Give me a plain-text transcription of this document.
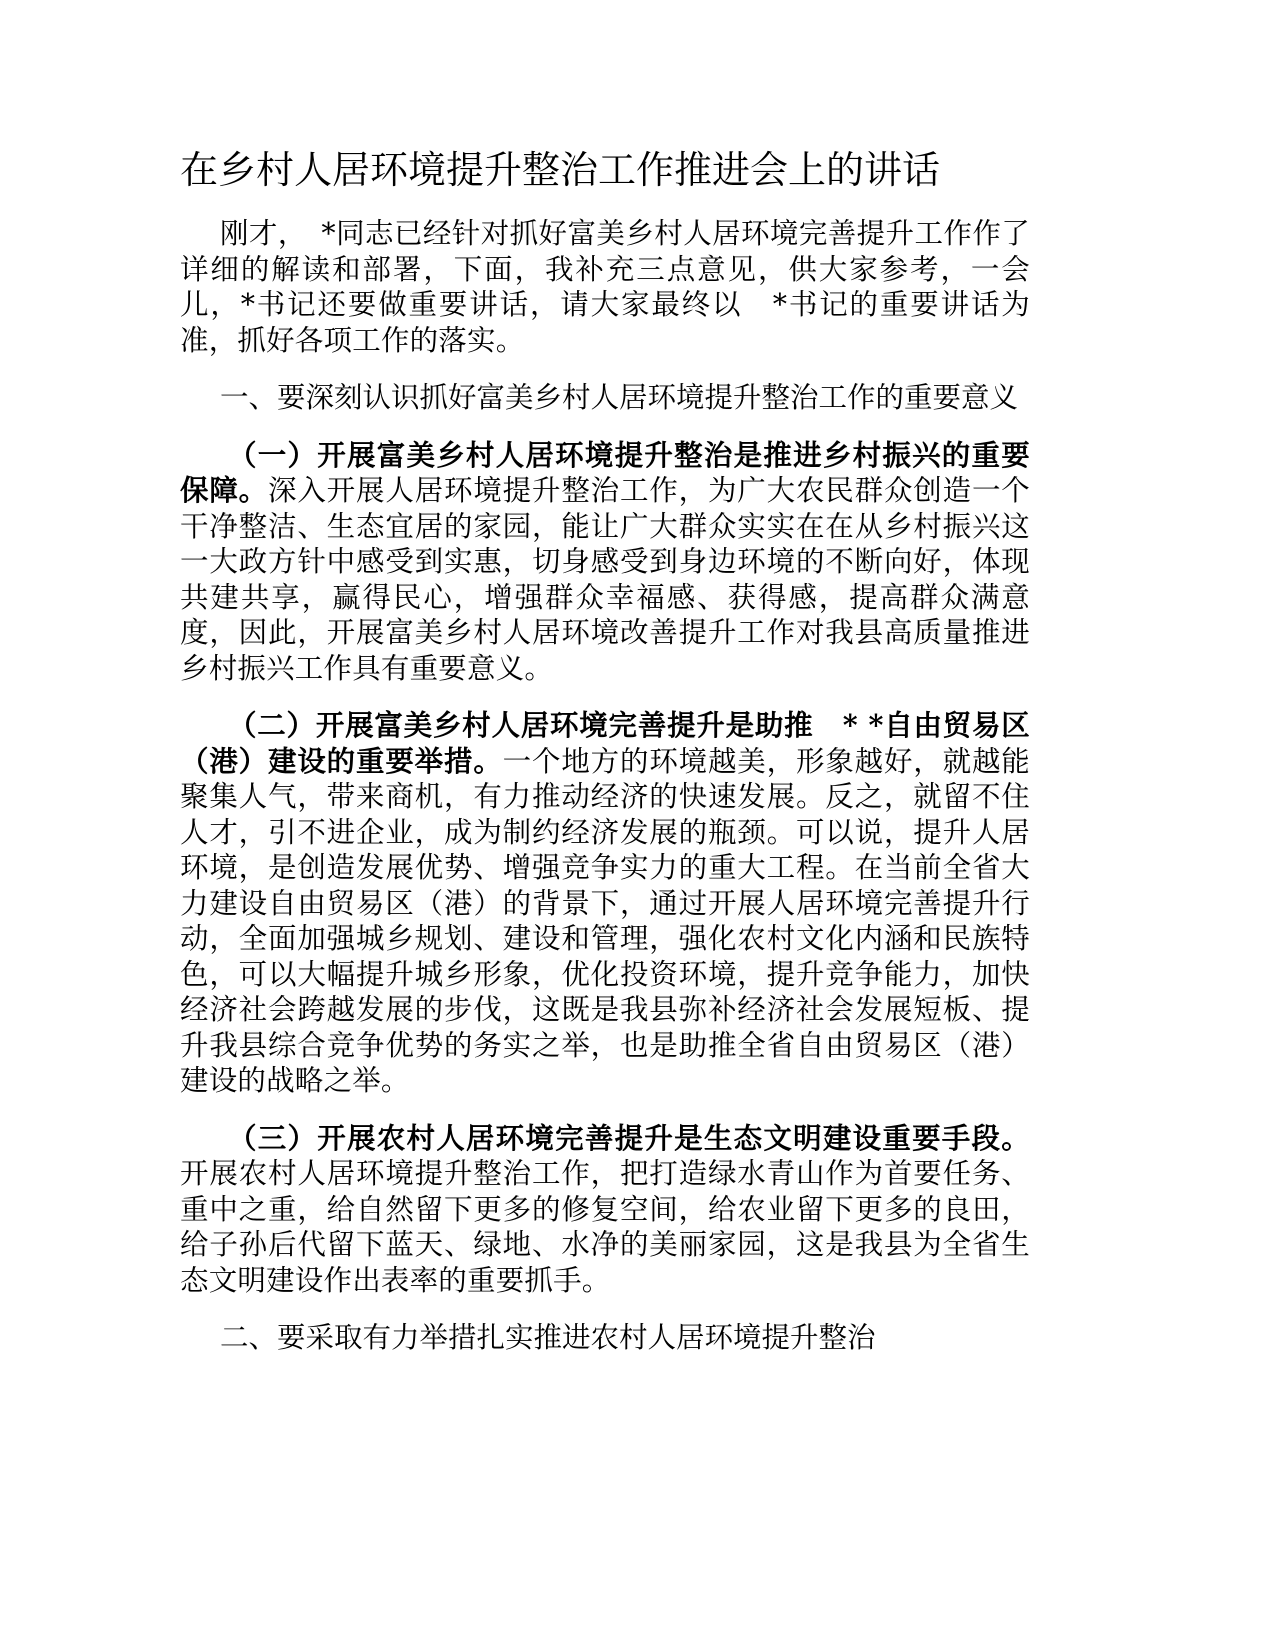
在乡村人居环境提升整治工作推进会上的讲话

刚才，　*同志已经针对抓好富美乡村人居环境完善提升工作作了详细的解读和部署，下面，我补充三点意见，供大家参考，一会儿，*书记还要做重要讲话，请大家最终以　*书记的重要讲话为准，抓好各项工作的落实。

一、要深刻认识抓好富美乡村人居环境提升整治工作的重要意义

（一）开展富美乡村人居环境提升整治是推进乡村振兴的重要保障。深入开展人居环境提升整治工作，为广大农民群众创造一个干净整洁、生态宜居的家园，能让广大群众实实在在从乡村振兴这一大政方针中感受到实惠，切身感受到身边环境的不断向好，体现共建共享，赢得民心，增强群众幸福感、获得感，提高群众满意度，因此，开展富美乡村人居环境改善提升工作对我县高质量推进乡村振兴工作具有重要意义。

（二）开展富美乡村人居环境完善提升是助推　* *自由贸易区（港）建设的重要举措。一个地方的环境越美，形象越好，就越能聚集人气，带来商机，有力推动经济的快速发展。反之，就留不住人才，引不进企业，成为制约经济发展的瓶颈。可以说，提升人居环境，是创造发展优势、增强竞争实力的重大工程。在当前全省大力建设自由贸易区（港）的背景下，通过开展人居环境完善提升行动，全面加强城乡规划、建设和管理，强化农村文化内涵和民族特色，可以大幅提升城乡形象，优化投资环境，提升竞争能力，加快经济社会跨越发展的步伐，这既是我县弥补经济社会发展短板、提升我县综合竞争优势的务实之举，也是助推全省自由贸易区（港）建设的战略之举。

（三）开展农村人居环境完善提升是生态文明建设重要手段。开展农村人居环境提升整治工作，把打造绿水青山作为首要任务、重中之重，给自然留下更多的修复空间，给农业留下更多的良田，给子孙后代留下蓝天、绿地、水净的美丽家园，这是我县为全省生态文明建设作出表率的重要抓手。

二、要采取有力举措扎实推进农村人居环境提升整治
